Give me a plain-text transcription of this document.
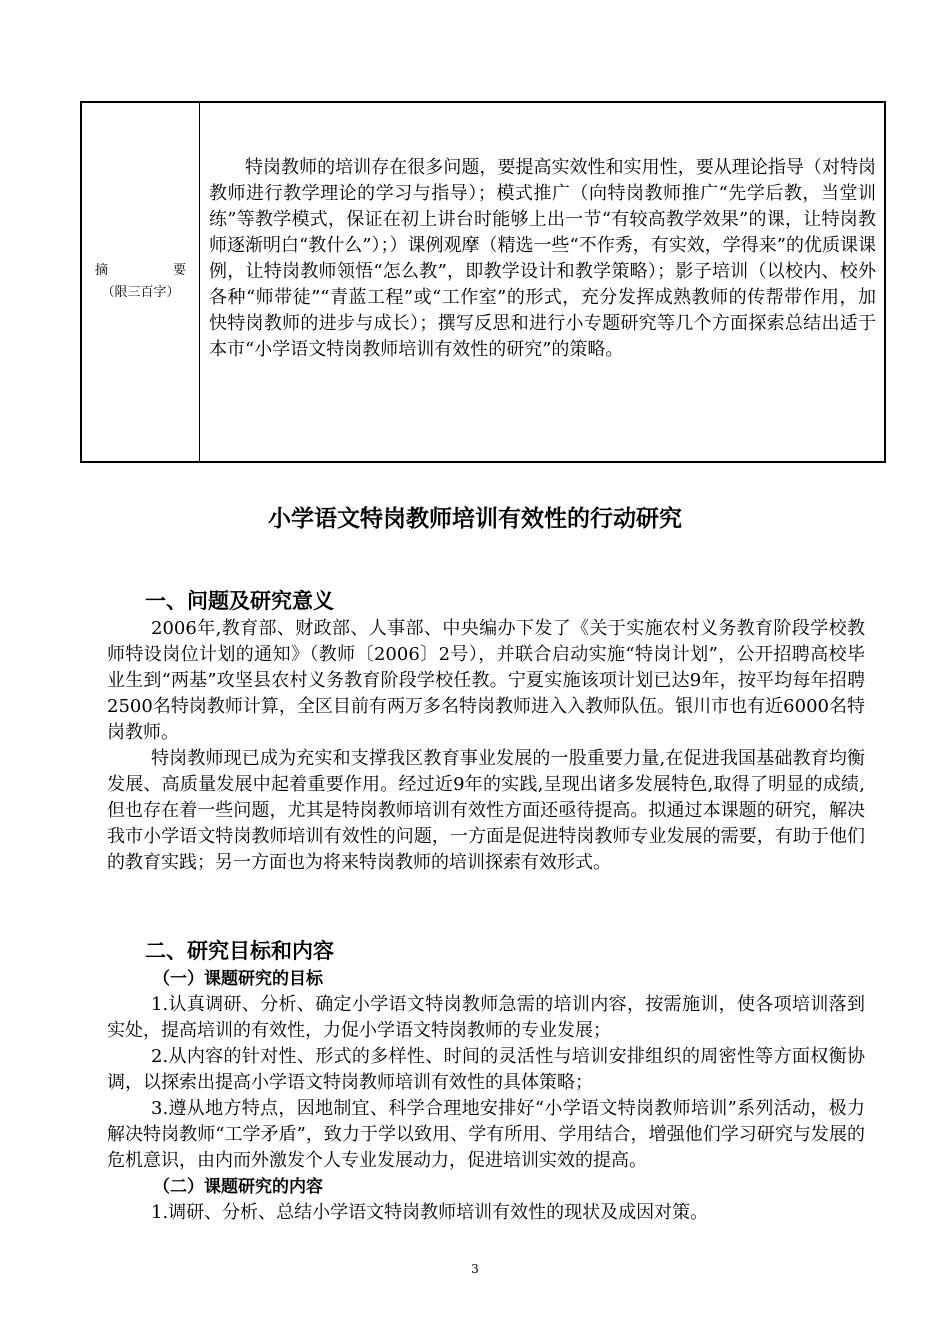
摘　要
（限三百字）

特岗教师的培训存在很多问题，要提高实效性和实用性，要从理论指导（对特岗教师进行教学理论的学习与指导）；模式推广（向特岗教师推广“先学后教，当堂训练”等教学模式，保证在初上讲台时能够上出一节“有较高教学效果”的课，让特岗教师逐渐明白“教什么”）；）课例观摩（精选一些“不作秀，有实效，学得来”的优质课课例，让特岗教师领悟“怎么教”，即教学设计和教学策略）；影子培训（以校内、校外各种“师带徒”“青蓝工程”或“工作室”的形式，充分发挥成熟教师的传帮带作用，加快特岗教师的进步与成长）；撰写反思和进行小专题研究等几个方面探索总结出适于本市“小学语文特岗教师培训有效性的研究”的策略。

小学语文特岗教师培训有效性的行动研究
一、问题及研究意义

2006年,教育部、财政部、人事部、中央编办下发了《关于实施农村义务教育阶段学校教师特设岗位计划的通知》（教师〔2006〕2号），并联合启动实施“特岗计划”，公开招聘高校毕业生到“两基”攻坚县农村义务教育阶段学校任教。宁夏实施该项计划已达9年，按平均每年招聘2500名特岗教师计算，全区目前有两万多名特岗教师进入入教师队伍。银川市也有近6000名特岗教师。

特岗教师现已成为充实和支撑我区教育事业发展的一股重要力量,在促进我国基础教育均衡发展、高质量发展中起着重要作用。经过近9年的实践,呈现出诸多发展特色,取得了明显的成绩,但也存在着一些问题，尤其是特岗教师培训有效性方面还亟待提高。拟通过本课题的研究，解决我市小学语文特岗教师培训有效性的问题，一方面是促进特岗教师专业发展的需要，有助于他们的教育实践；另一方面也为将来特岗教师的培训探索有效形式。

二、研究目标和内容
（一）课题研究的目标

1.认真调研、分析、确定小学语文特岗教师急需的培训内容，按需施训，使各项培训落到实处，提高培训的有效性，力促小学语文特岗教师的专业发展；

2.从内容的针对性、形式的多样性、时间的灵活性与培训安排组织的周密性等方面权衡协调，以探索出提高小学语文特岗教师培训有效性的具体策略；

3.遵从地方特点，因地制宜、科学合理地安排好“小学语文特岗教师培训”系列活动，极力解决特岗教师“工学矛盾”，致力于学以致用、学有所用、学用结合，增强他们学习研究与发展的危机意识，由内而外激发个人专业发展动力，促进培训实效的提高。

（二）课题研究的内容

1.调研、分析、总结小学语文特岗教师培训有效性的现状及成因对策。

3
